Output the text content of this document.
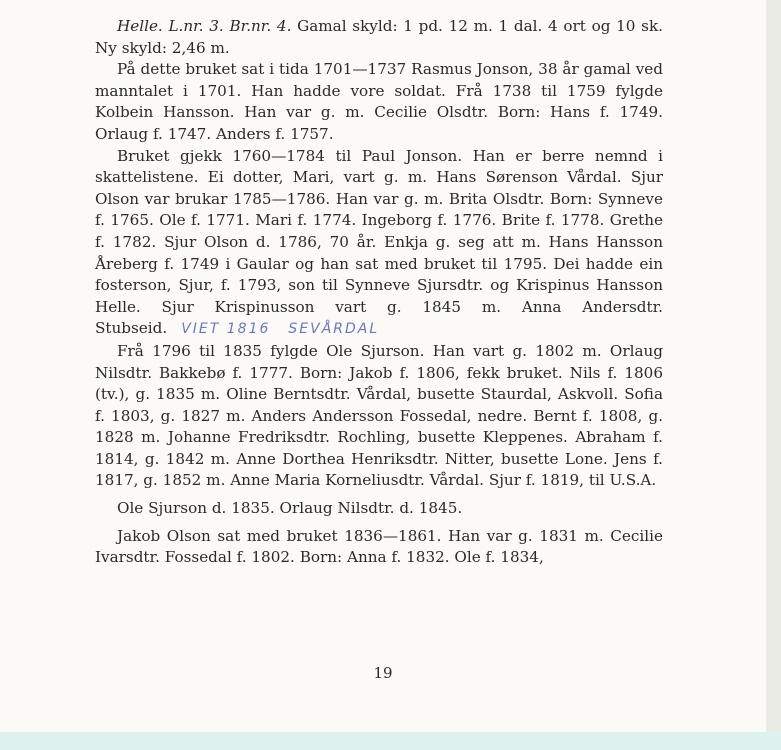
Helle. L.nr. 3. Br.nr. 4. Gamal skyld: 1 pd. 12 m. 1 dal. 4 ort og 10 sk. Ny skyld: 2,46 m.

På dette bruket sat i tida 1701—1737 Rasmus Jonson, 38 år gamal ved manntalet i 1701. Han hadde vore soldat. Frå 1738 til 1759 fylgde Kolbein Hansson. Han var g. m. Cecilie Olsdtr. Born: Hans f. 1749. Orlaug f. 1747. Anders f. 1757.

Bruket gjekk 1760—1784 til Paul Jonson. Han er berre nemnd i skattelistene. Ei dotter, Mari, vart g. m. Hans Sørenson Vårdal. Sjur Olson var brukar 1785—1786. Han var g. m. Brita Olsdtr. Born: Synneve f. 1765. Ole f. 1771. Mari f. 1774. Ingeborg f. 1776. Brite f. 1778. Grethe f. 1782. Sjur Olson d. 1786, 70 år. Enkja g. seg att m. Hans Hansson Åreberg f. 1749 i Gaular og han sat med bruket til 1795. Dei hadde ein fosterson, Sjur, f. 1793, son til Synneve Sjursdtr. og Krispinus Hansson Helle. Sjur Krispinusson vart g. 1845 m. Anna Andersdtr. Stubseid. VIET 1816 SEVÅRDAL

Frå 1796 til 1835 fylgde Ole Sjurson. Han vart g. 1802 m. Orlaug Nilsdtr. Bakkebø f. 1777. Born: Jakob f. 1806, fekk bruket. Nils f. 1806 (tv.), g. 1835 m. Oline Berntsdtr. Vårdal, busette Staurdal, Askvoll. Sofia f. 1803, g. 1827 m. Anders Andersson Fossedal, nedre. Bernt f. 1808, g. 1828 m. Johanne Fredriksdtr. Rochling, busette Kleppenes. Abraham f. 1814, g. 1842 m. Anne Dorthea Henriksdtr. Nitter, busette Lone. Jens f. 1817, g. 1852 m. Anne Maria Korneliusdtr. Vårdal. Sjur f. 1819, til U.S.A.

Ole Sjurson d. 1835. Orlaug Nilsdtr. d. 1845.

Jakob Olson sat med bruket 1836—1861. Han var g. 1831 m. Cecilie Ivarsdtr. Fossedal f. 1802. Born: Anna f. 1832. Ole f. 1834,

19
